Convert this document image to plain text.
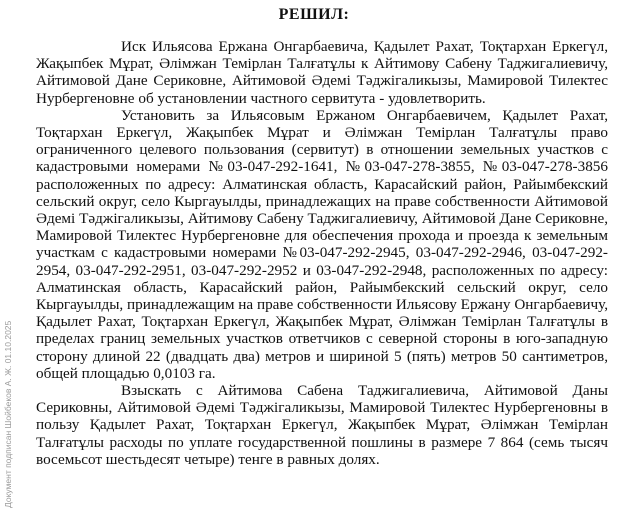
РЕШИЛ:

Иск Ильясова Ержана Онгарбаевича, Қадылет Рахат, Тоқтархан Еркегүл, Жақыпбек Мұрат, Әлімжан Темірлан Талғатұлы к Айтимову Сабену Таджигалиевичу, Айтимовой Дане Сериковне, Айтимовой Әдемі Тәджігаликызы, Мамировой Тилектес Нурбергеновне об установлении частного сервитута - удовлетворить.

Установить за Ильясовым Ержаном Онгарбаевичем, Қадылет Рахат, Тоқтархан Еркегүл, Жақыпбек Мұрат и Әлімжан Темірлан Талғатұлы право ограниченного целевого пользования (сервитут) в отношении земельных участков с кадастровыми номерами №03-047-292-1641, №03-047-278-3855, №03-047-278-3856 расположенных по адресу: Алматинская область, Карасайский район, Райымбекский сельский округ, село Кыргауылды, принадлежащих на праве собственности Айтимовой Әдемі Тәджігаликызы, Айтимову Сабену Таджигалиевичу, Айтимовой Дане Сериковне, Мамировой Тилектес Нурбергеновне для обеспечения прохода и проезда к земельным участкам с кадастровыми номерами №03-047-292-2945, 03-047-292-2946, 03-047-292-2954, 03-047-292-2951, 03-047-292-2952 и 03-047-292-2948, расположенных по адресу: Алматинская область, Карасайский район, Райымбекский сельский округ, село Кыргауылды, принадлежащим на праве собственности Ильясову Ержану Онгарбаевичу, Қадылет Рахат, Тоқтархан Еркегүл, Жақыпбек Мұрат, Әлімжан Темірлан Талғатұлы в пределах границ земельных участков ответчиков с северной стороны в юго-западную сторону длиной 22 (двадцать два) метров и шириной 5 (пять) метров 50 сантиметров, общей площадью 0,0103 га.

Взыскать с Айтимова Сабена Таджигалиевича, Айтимовой Даны Сериковны, Айтимовой Әдемі Тәджігаликызы, Мамировой Тилектес Нурбергеновны в пользу Қадылет Рахат, Тоқтархан Еркегүл, Жақыпбек Мұрат, Әлімжан Темірлан Талғатұлы расходы по уплате государственной пошлины в размере 7 864 (семь тысяч восемьсот шестьдесят четыре) тенге в равных долях.

Документ подписан Шойбеков А. Ж. 01.10.2025
